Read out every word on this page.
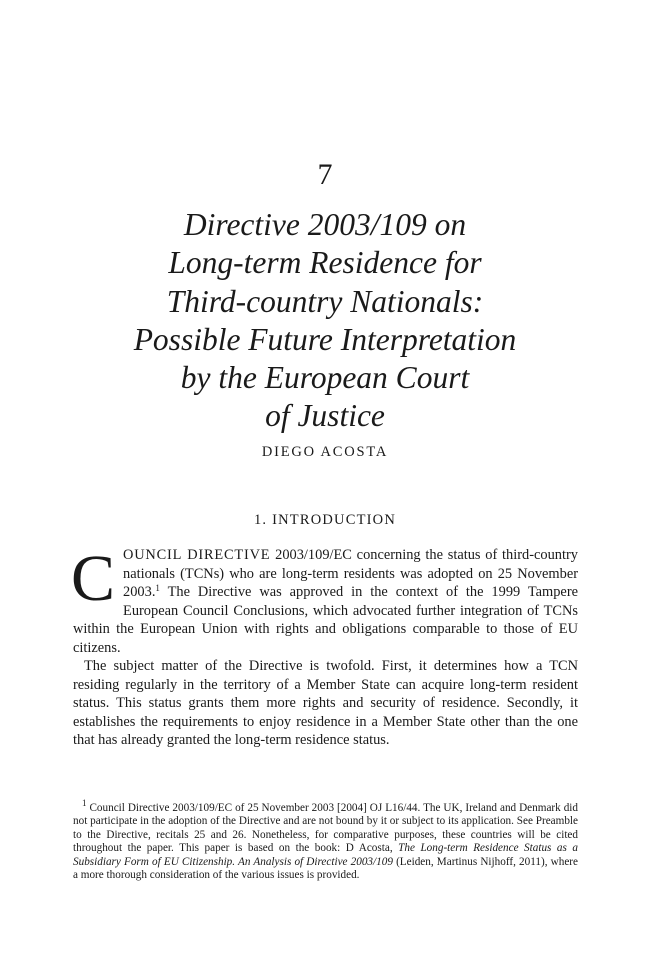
7
Directive 2003/109 on
Long-term Residence for
Third-country Nationals:
Possible Future Interpretation
by the European Court
of Justice
DIEGO ACOSTA
1. INTRODUCTION

COUNCIL DIRECTIVE 2003/109/EC concerning the status of third-country nationals (TCNs) who are long-term residents was adopted on 25 November 2003.$^1$ The Directive was approved in the context of the 1999 Tampere European Council Conclusions, which advocated further integration of TCNs within the European Union with rights and obligations comparable to those of EU citizens.

The subject matter of the Directive is twofold. First, it determines how a TCN residing regularly in the territory of a Member State can acquire long-term resident status. This status grants them more rights and security of residence. Secondly, it establishes the requirements to enjoy residence in a Member State other than the one that has already granted the long-term residence status.

$^1$ Council Directive 2003/109/EC of 25 November 2003 [2004] OJ L16/44. The UK, Ireland and Denmark did not participate in the adoption of the Directive and are not bound by it or subject to its application. See Preamble to the Directive, recitals 25 and 26. Nonetheless, for comparative purposes, these countries will be cited throughout the paper. This paper is based on the book: D Acosta, The Long-term Residence Status as a Subsidiary Form of EU Citizenship. An Analysis of Directive 2003/109 (Leiden, Martinus Nijhoff, 2011), where a more thorough consideration of the various issues is provided.
